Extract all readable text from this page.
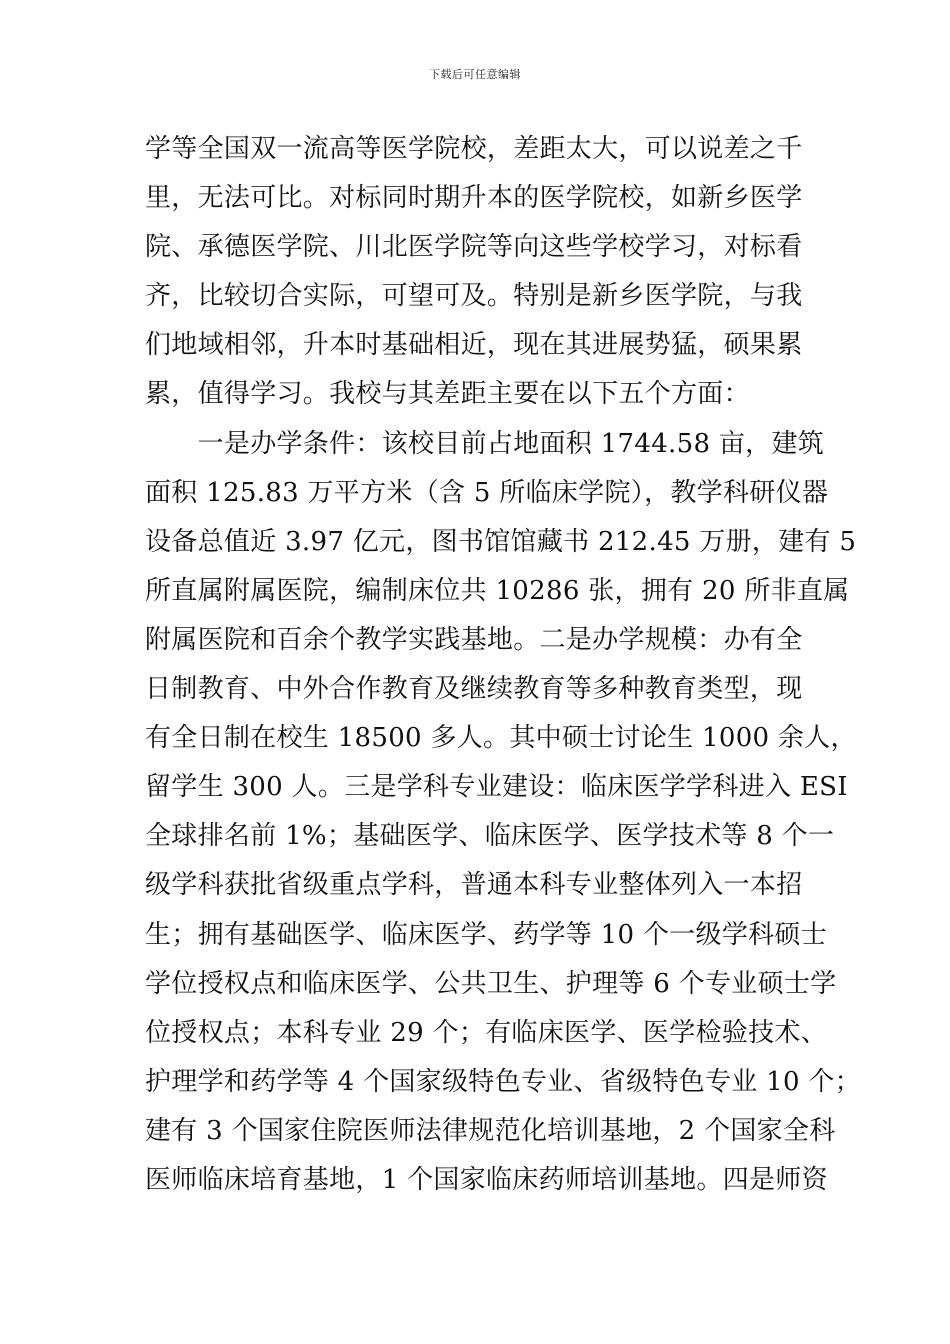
下载后可任意编辑
学等全国双一流高等医学院校，差距太大，可以说差之千
里，无法可比。对标同时期升本的医学院校，如新乡医学
院、承德医学院、川北医学院等向这些学校学习，对标看
齐，比较切合实际，可望可及。特别是新乡医学院，与我
们地域相邻，升本时基础相近，现在其进展势猛，硕果累
累，值得学习。我校与其差距主要在以下五个方面：
　　一是办学条件：该校目前占地面积 1744.58 亩，建筑
面积 125.83 万平方米（含 5 所临床学院），教学科研仪器
设备总值近 3.97 亿元，图书馆馆藏书 212.45 万册，建有 5
所直属附属医院，编制床位共 10286 张，拥有 20 所非直属
附属医院和百余个教学实践基地。二是办学规模：办有全
日制教育、中外合作教育及继续教育等多种教育类型，现
有全日制在校生 18500 多人。其中硕士讨论生 1000 余人，
留学生 300 人。三是学科专业建设：临床医学学科进入 ESI
全球排名前 1%；基础医学、临床医学、医学技术等 8 个一
级学科获批省级重点学科，普通本科专业整体列入一本招
生；拥有基础医学、临床医学、药学等 10 个一级学科硕士
学位授权点和临床医学、公共卫生、护理等 6 个专业硕士学
位授权点；本科专业 29 个；有临床医学、医学检验技术、
护理学和药学等 4 个国家级特色专业、省级特色专业 10 个；
建有 3 个国家住院医师法律规范化培训基地，2 个国家全科
医师临床培育基地，1 个国家临床药师培训基地。四是师资
